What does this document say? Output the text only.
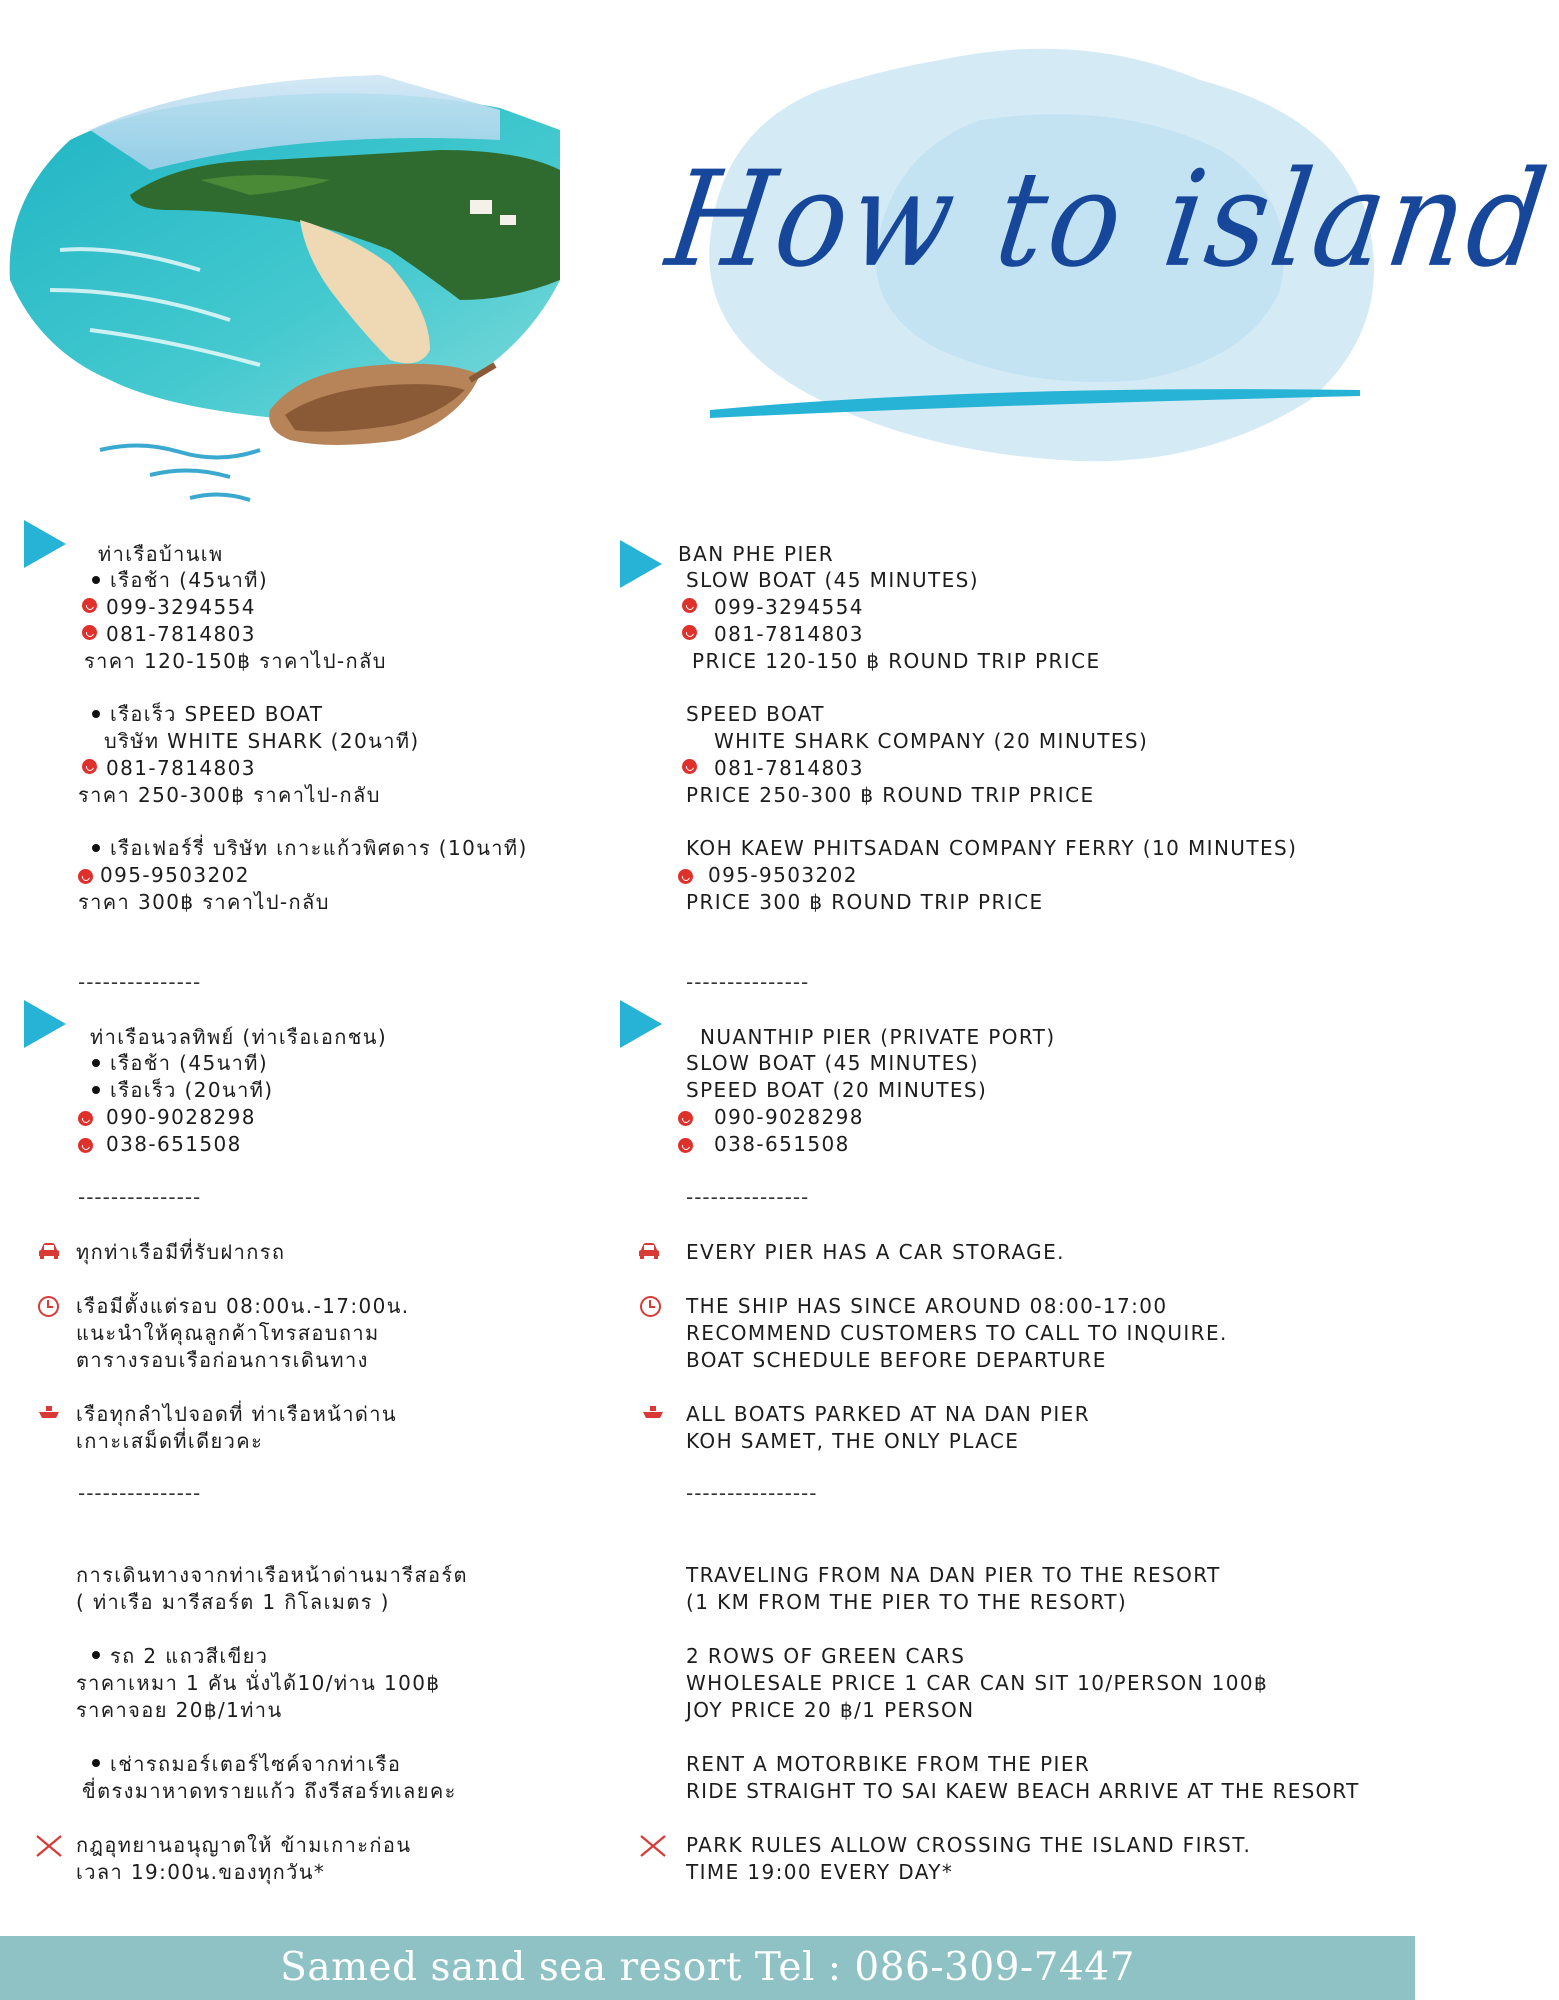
How to island
ท่าเรือบ้านเพ
เรือช้า (45นาที)
099-3294554
081-7814803
ราคา 120-150฿ ราคาไป-กลับ
เรือเร็ว SPEED BOAT
บริษัท WHITE SHARK (20นาที)
081-7814803
ราคา 250-300฿ ราคาไป-กลับ
เรือเฟอร์รี่ บริษัท เกาะแก้วพิศดาร (10นาที)
095-9503202
ราคา 300฿ ราคาไป-กลับ
BAN PHE PIER
SLOW BOAT (45 MINUTES)
099-3294554
081-7814803
PRICE 120-150 ฿ ROUND TRIP PRICE
SPEED BOAT
WHITE SHARK COMPANY (20 MINUTES)
081-7814803
PRICE 250-300 ฿ ROUND TRIP PRICE
KOH KAEW PHITSADAN COMPANY FERRY (10 MINUTES)
095-9503202
PRICE 300 ฿ ROUND TRIP PRICE
---------------	---------------
ท่าเรือนวลทิพย์ (ท่าเรือเอกชน)
เรือช้า (45นาที)
เรือเร็ว (20นาที)
090-9028298
038-651508
NUANTHIP PIER (PRIVATE PORT)
SLOW BOAT (45 MINUTES)
SPEED BOAT (20 MINUTES)
090-9028298
038-651508
---------------	---------------
ทุกท่าเรือมีที่รับฝากรถ
เรือมีตั้งแต่รอบ 08:00น.-17:00น.
แนะนำให้คุณลูกค้าโทรสอบถาม
ตารางรอบเรือก่อนการเดินทาง
เรือทุกลำไปจอดที่ ท่าเรือหน้าด่าน
เกาะเสม็ดที่เดียวคะ
EVERY PIER HAS A CAR STORAGE.
THE SHIP HAS SINCE AROUND 08:00-17:00
RECOMMEND CUSTOMERS TO CALL TO INQUIRE.
BOAT SCHEDULE BEFORE DEPARTURE
ALL BOATS PARKED AT NA DAN PIER
KOH SAMET, THE ONLY PLACE
---------------	----------------
การเดินทางจากท่าเรือหน้าด่านมารีสอร์ต
( ท่าเรือ มารีสอร์ต 1 กิโลเมตร )
รถ 2 แถวสีเขียว
ราคาเหมา 1 คัน นั่งได้10/ท่าน 100฿
ราคาจอย 20฿/1ท่าน
เช่ารถมอร์เตอร์ไซค์จากท่าเรือ
ขี่ตรงมาหาดทรายแก้ว ถึงรีสอร์ทเลยคะ
กฎอุทยานอนุญาตให้ ข้ามเกาะก่อน
เวลา 19:00น.ของทุกวัน*
TRAVELING FROM NA DAN PIER TO THE RESORT
(1 KM FROM THE PIER TO THE RESORT)
2 ROWS OF GREEN CARS
WHOLESALE PRICE 1 CAR CAN SIT 10/PERSON 100฿
JOY PRICE 20 ฿/1 PERSON
RENT A MOTORBIKE FROM THE PIER
RIDE STRAIGHT TO SAI KAEW BEACH ARRIVE AT THE RESORT
PARK RULES ALLOW CROSSING THE ISLAND FIRST.
TIME 19:00 EVERY DAY*
Samed sand sea resort Tel : 086-309-7447
